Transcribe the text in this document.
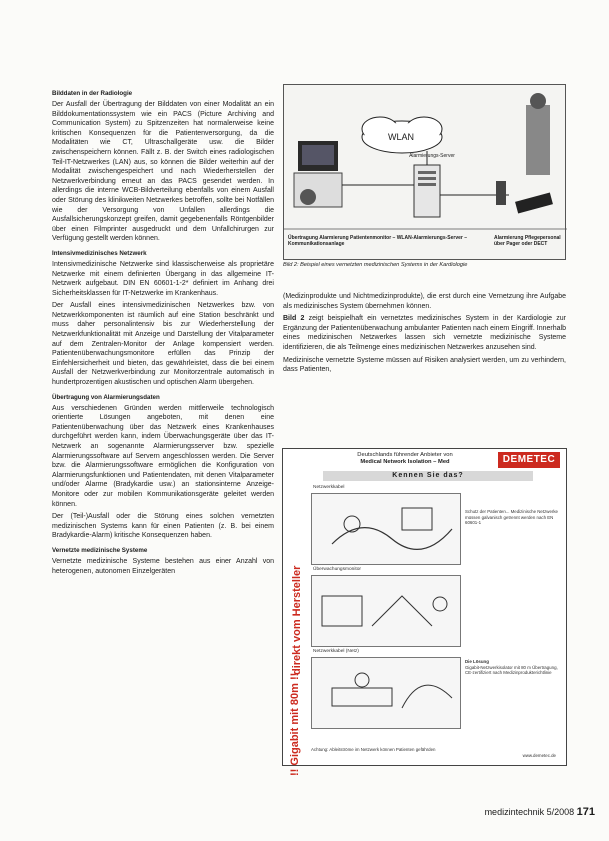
Bilddaten in der Radiologie
Der Ausfall der Übertragung der Bilddaten von einer Modalität an ein Bilddokumentationssystem wie ein PACS (Picture Archiving and Communication System) zu Spitzenzeiten hat normalerweise keine kritischen Konsequenzen für die Patientenversorgung, da die Modalitäten wie CT, Ultraschallgeräte usw. die Bilder zwischenspeichern können. Fällt z. B. der Switch eines radiologischen Teil-IT-Netzwerkes (LAN) aus, so können die Bilder weiterhin auf der Modalität zwischengespeichert und nach Wiederherstellen der Netzwerkverbindung erneut an das PACS gesendet werden. In allerdings die interne WCB-Bildverteilung ebenfalls von einem Ausfall oder Störung des klinikweiten Netzwerkes betroffen, sollte bei Notfällen wie der Versorgung von Unfallen allerdings die Ausfallsicherungskonzept greifen, damit gegebenenfalls Röntgenbilder über einen Filmprinter ausgedruckt und dem Unfallchirurgen zur Verfügung gestellt werden können.
Intensivmedizinisches Netzwerk
Intensivmedizinische Netzwerke sind klassischerweise als proprietäre Netzwerke mit einem definierten Übergang in das allgemeine IT-Netzwerk aufgebaut. DIN EN 60601-1-2* definiert im Anhang drei Sicherheitsklassen für IT-Netzwerke im Krankenhaus.
Der Ausfall eines intensivmedizinischen Netzwerkes bzw. von Netzwerkkomponenten ist räumlich auf eine Station beschränkt und muss daher personalintensiv bis zur Wiederherstellung der Netzwerkfunktionalität mit Anzeige und Darstellung der Vitalparameter auf dem Zentralen-Monitor der Anlage kompensiert werden. Patientenüberwachungsmonitore erfüllen das Prinzip der Einfehlersicherheit und bieten, das gewährleistet, dass die bei einem Ausfall der Netzwerkverbindung zur Monitorzentrale automatisch in hundertprozentigen akustischen und optischen Alarm übergehen.
Übertragung von Alarmierungsdaten
Aus verschiedenen Gründen werden mittlerweile technologisch orientierte Lösungen angeboten, mit denen eine Patientenüberwachung über das Netzwerk eines Krankenhauses durchgeführt werden kann, indem Überwachungsgeräte über das IT-Netzwerk an sogenannte Alarmierungsserver bzw. spezielle Alarmierungssoftware auf Servern angeschlossen werden. Die Server bzw. die Alarmierungssoftware ermöglichen die Konfiguration von Alarmierungsfunktionen und Patientendaten, mit denen Vitalparameter und/oder Alarme (Bradykardie usw.) an stationsinterne Anzeige-Monitore oder zur mobilen Kommunikationsgeräte geleitet werden können.
Der (Teil-)Ausfall oder die Störung eines solchen vernetzten medizinischen Systems kann für einen Patienten (z. B. bei einem Bradykardie-Alarm) kritische Konsequenzen haben.
Vernetzte medizinische Systeme
Vernetzte medizinische Systeme bestehen aus einer Anzahl von heterogenen, autonomen Einzelgeräten
WLAN
Alarmierungs-Server
Übertragung Alarmierung Patientenmonitor – WLAN-Alarmierungs-Server – Kommunikationsanlage
Alarmierung Pflegepersonal über Pager oder DECT
Bild 2: Beispiel eines vernetzten medizinischen Systems in der Kardiologie
(Medizinprodukte und Nichtmedizinprodukte), die erst durch eine Vernetzung ihre Aufgabe als medizinisches System übernehmen können.
Bild 2 zeigt beispielhaft ein vernetztes medizinisches System in der Kardiologie zur Ergänzung der Patientenüberwachung ambulanter Patienten nach einem Eingriff. Innerhalb eines medizinischen Netzwerkes lassen sich vernetzte medizinische Systeme identifizieren, die als Teilmenge eines medizinischen Netzwerkes anzusehen sind.
Medizinische vernetzte Systeme müssen auf Risiken analysiert werden, um zu verhindern, dass Patienten,
Deutschlands führender Anbieter von
Medical Network Isolation – Med	DEMETEC
Kennen Sie das?
direkt vom Hersteller
!! Gigabit mit 80m !!
Netzwerkkabel
Überwachungsmonitor
Netzwerkkabel (Netz)
Schutz der Patienten... Medizinische Netzwerke müssen galvanisch getrennt werden nach EN 60601-1
Die Lösung
Gigabit-Netzwerkisolator mit 80 m Übertragung, CE-zertifiziert nach Medizinprodukterichtlinie
Achtung: Ableitströme im Netzwerk können Patienten gefährden
www.demetec.de
medizintechnik 5/2008 171
